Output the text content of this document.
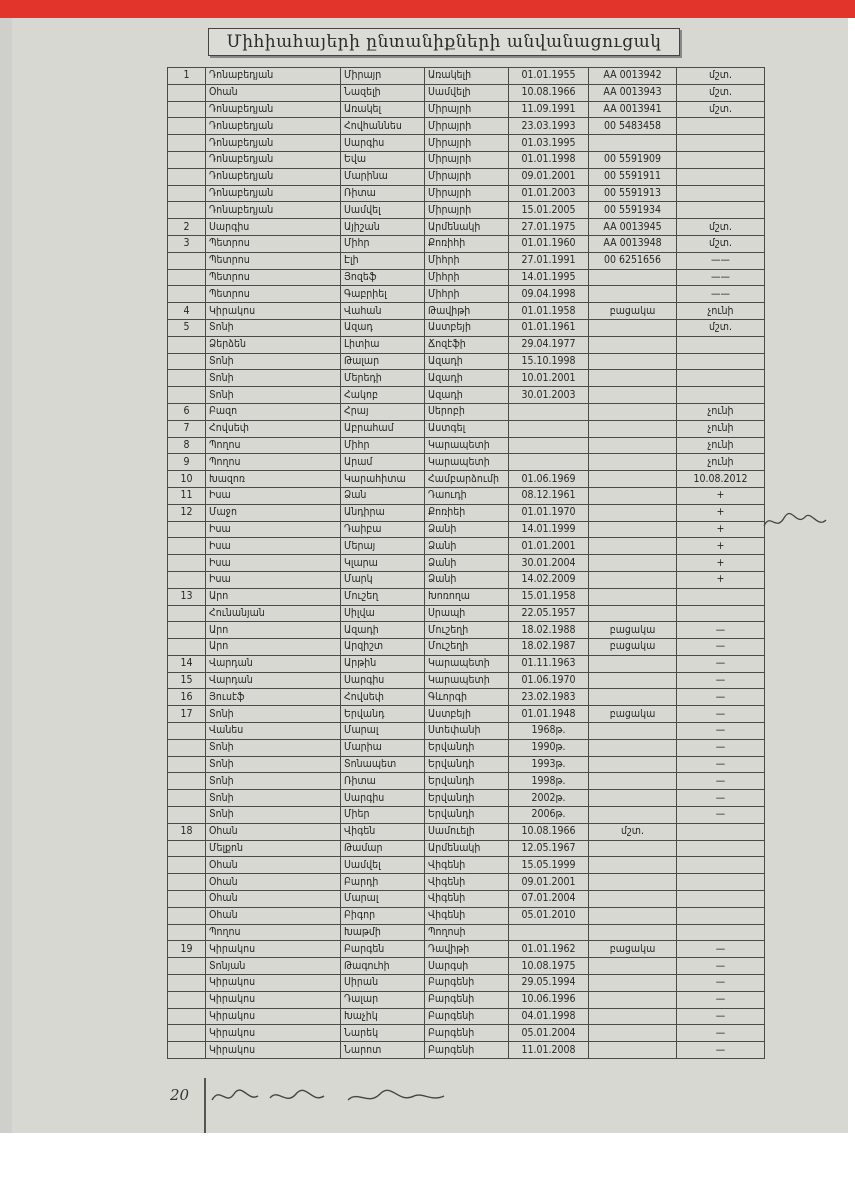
Միհիահայերի ընտանիքների անվանացուցակ
1	Դոնաբեդյան	Միրայր	Առակելի	01.01.1955	AA 0013942	մշտ.
	Օհան	Նազելի	Սամվելի	10.08.1966	AA 0013943	մշտ.
	Դոնաբեդյան	Առակել	Միրայրի	11.09.1991	AA 0013941	մշտ.
	Դոնաբեդյան	Հովհաննես	Միրայրի	23.03.1993	00 5483458	
	Դոնաբեդյան	Սարգիս	Միրայրի	01.03.1995		
	Դոնաբեդյան	Եվա	Միրայրի	01.01.1998	00 5591909	
	Դոնաբեդյան	Մարինա	Միրայրի	09.01.2001	00 5591911	
	Դոնաբեդյան	Ռիտա	Միրայրի	01.01.2003	00 5591913	
	Դոնաբեդյան	Սամվել	Միրայրի	15.01.2005	00 5591934	
2	Սարգիս	Այիշան	Արմենակի	27.01.1975	AA 0013945	մշտ.
3	Պետրոս	Միհր	Քոռիհի	01.01.1960	AA 0013948	մշտ.
	Պետրոս	Էլի	Միհրի	27.01.1991	00 6251656	——
	Պետրոս	Յոզեֆ	Միհրի	14.01.1995		——
	Պետրոս	Գաբրիել	Միհրի	09.04.1998		——
4	Կիրակոս	Վահան	Թավիթի	01.01.1958	բացակա	չունի
5	Տոնի	Ազադ	Աստբեյի	01.01.1961		մշտ.
	Ձերձեն	Լիտիա	Ճոզէֆի	29.04.1977		
	Տոնի	Թալար	Ազադի	15.10.1998		
	Տոնի	Մերեդի	Ազադի	10.01.2001		
	Տոնի	Հակոբ	Ազադի	30.01.2003		
6	Բազո	Հրայ	Սերոբի			չունի
7	Հովսեփ	Աբրահամ	Աստգել			չունի
8	Պողոս	Միհր	Կարապետի			չունի
9	Պողոս	Արամ	Կարապետի			չունի
10	Խազոռ	Կարահիտա	Համբարձումի	01.06.1969		10.08.2012
11	Իսա	Ձան	Դաուդի	08.12.1961		+
12	Մաջո	Անդիրա	Քոռիեի	01.01.1970		+
	Իսա	Դաիբա	Ձանի	14.01.1999		+
	Իսա	Մերայ	Ձանի	01.01.2001		+
	Իսա	Կլարա	Ձանի	30.01.2004		+
	Իսա	Մարկ	Ձանի	14.02.2009		+
13	Արո	Մուշեղ	Խոռողա	15.01.1958		
	Հունանյան	Սիլվա	Սրապի	22.05.1957		
	Արո	Ազադի	Մուշեղի	18.02.1988	բացակա	—
	Արո	Արզիշտ	Մուշեղի	18.02.1987	բացակա	—
14	Վարդան	Արթին	Կարապետի	01.11.1963		—
15	Վարդան	Սարգիս	Կարապետի	01.06.1970		—
16	Յուսէֆ	Հովսեփ	Գևորգի	23.02.1983		—
17	Տոնի	Երվանդ	Աստբեյի	01.01.1948	բացակա	—
	Վանես	Մարալ	Ստեփանի	1968թ.		—
	Տոնի	Մարիա	Երվանդի	1990թ.		—
	Տոնի	Տոնապետ	Երվանդի	1993թ.		—
	Տոնի	Ռիտա	Երվանդի	1998թ.		—
	Տոնի	Սարգիս	Երվանդի	2002թ.		—
	Տոնի	Միեր	Երվանդի	2006թ.		—
18	Օհան	Վիգեն	Սամուելի	10.08.1966	մշտ.	
	Մելքոն	Թամար	Արմենակի	12.05.1967		
	Օհան	Սամվել	Վիգենի	15.05.1999		
	Օհան	Բարդի	Վիգենի	09.01.2001		
	Օհան	Մարալ	Վիգենի	07.01.2004		
	Օհան	Բիգոր	Վիգենի	05.01.2010		
	Պողոս	Խաթմի	Պողոսի			
19	Կիրակոս	Բարգեն	Դավիթի	01.01.1962	բացակա	—
	Տոնյան	Թագուհի	Սարգսի	10.08.1975		—
	Կիրակոս	Սիրան	Բարգենի	29.05.1994		—
	Կիրակոս	Դալար	Բարգենի	10.06.1996		—
	Կիրակոս	Խաչիկ	Բարգենի	04.01.1998		—
	Կիրակոս	Նարեկ	Բարգենի	05.01.2004		—
	Կիրակոս	Նարոտ	Բարգենի	11.01.2008		—
20
